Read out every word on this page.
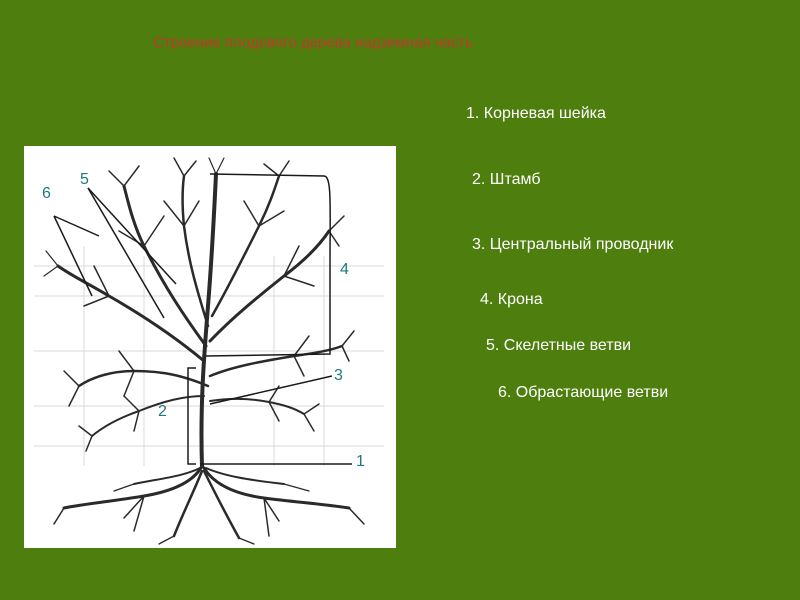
Строение плодового дерева надземная часть
1. Корневая шейка
2. Штамб
3. Центральный проводник
4. Крона
5. Скелетные ветви
6. Обрастающие ветви
1
2
3
4
5
6
